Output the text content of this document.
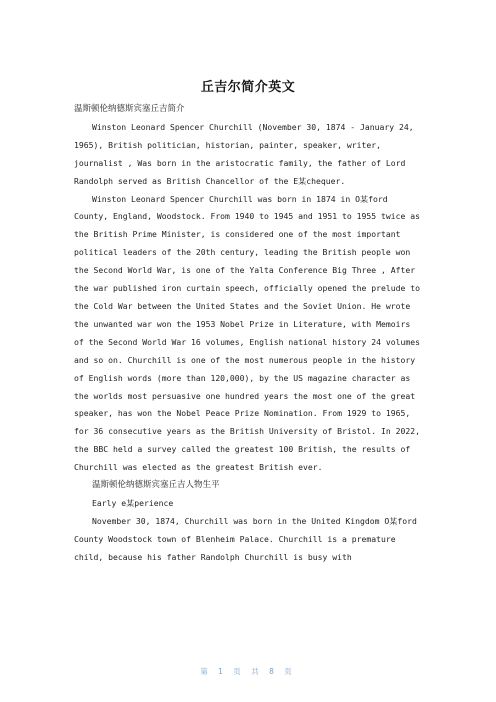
丘吉尔简介英文

温斯顿伦纳德斯宾塞丘吉简介

Winston Leonard Spencer Churchill (November 30, 1874 - January 24, 1965), British politician, historian, painter, speaker, writer, journalist , Was born in the aristocratic family, the father of Lord Randolph served as British Chancellor of the E某chequer.

Winston Leonard Spencer Churchill was born in 1874 in O某ford County, England, Woodstock. From 1940 to 1945 and 1951 to 1955 twice as the British Prime Minister, is considered one of the most important political leaders of the 20th century, leading the British people won the Second World War, is one of the Yalta Conference Big Three , After the war published iron curtain speech, officially opened the prelude to the Cold War between the United States and the Soviet Union. He wrote the unwanted war won the 1953 Nobel Prize in Literature, with Memoirs of the Second World War 16 volumes, English national history 24 volumes and so on. Churchill is one of the most numerous people in the history of English words (more than 120,000), by the US magazine character as the worlds most persuasive one hundred years the most one of the great speaker, has won the Nobel Peace Prize Nomination. From 1929 to 1965, for 36 consecutive years as the British University of Bristol. In 2022, the BBC held a survey called the greatest 100 British, the results of Churchill was elected as the greatest British ever.

温斯顿伦纳德斯宾塞丘吉人物生平

Early e某perience

November 30, 1874, Churchill was born in the United Kingdom O某ford County Woodstock town of Blenheim Palace. Churchill is a premature child, because his father Randolph Churchill is busy with

第 1 页 共 8 页
